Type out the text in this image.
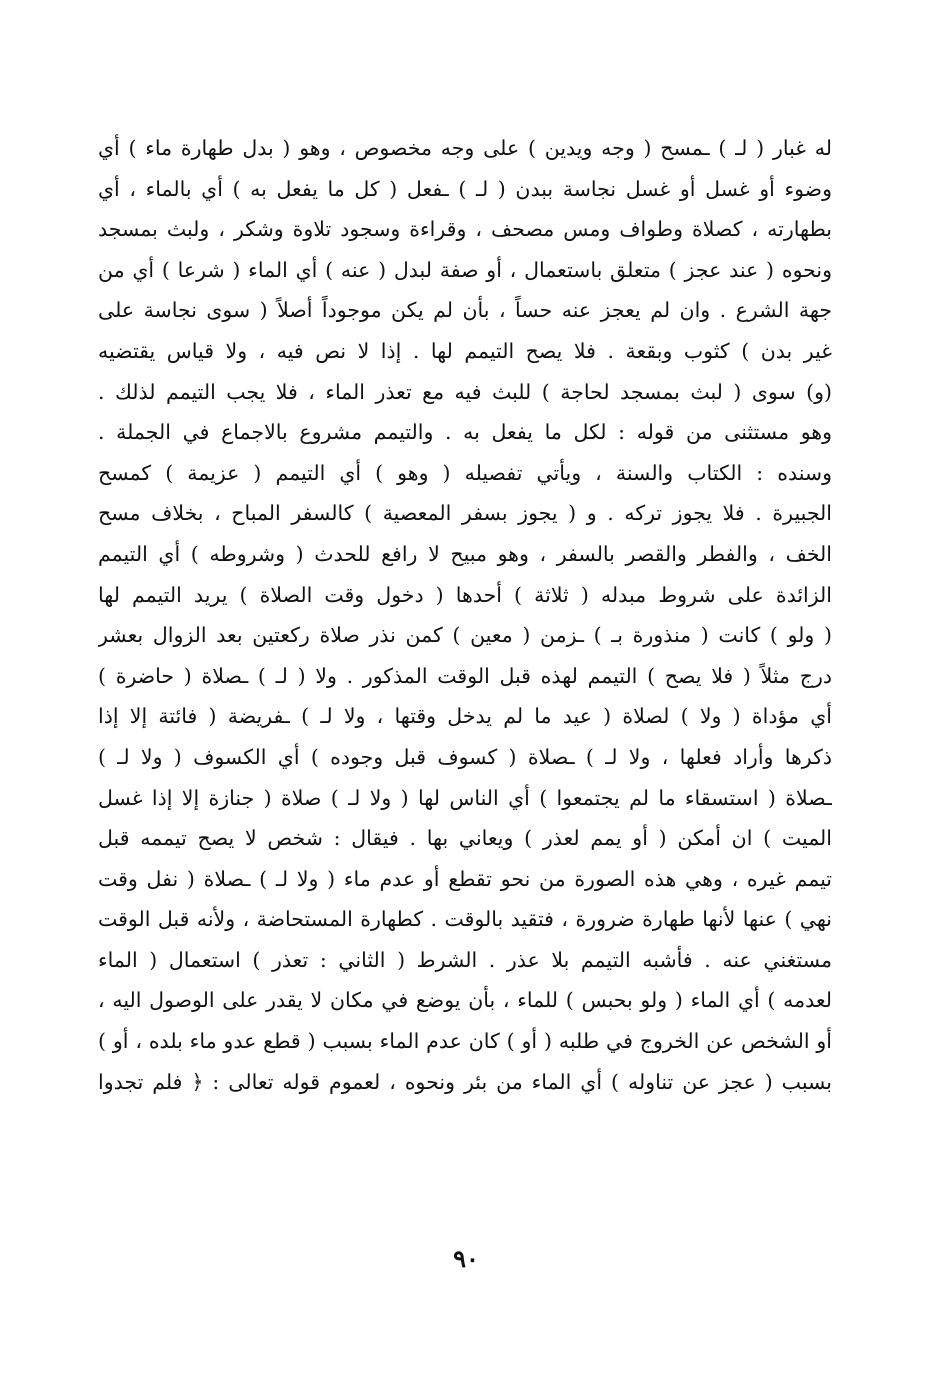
له غبار ( لـ ) ـمسح ( وجه ويدين ) على وجه مخصوص ، وهو ( بدل طهارة ماء ) أي
وضوء أو غسل أو غسل نجاسة ببدن ( لـ ) ـفعل ( كل ما يفعل به ) أي بالماء ، أي
بطهارته ، كصلاة وطواف ومس مصحف ، وقراءة وسجود تلاوة وشكر ، ولبث بمسجد
ونحوه ( عند عجز ) متعلق باستعمال ، أو صفة لبدل ( عنه ) أي الماء ( شرعا ) أي من
جهة الشرع . وان لم يعجز عنه حساً ، بأن لم يكن موجوداً أصلاً ( سوى نجاسة على
غير بدن ) كثوب وبقعة . فلا يصح التيمم لها . إذا لا نص فيه ، ولا قياس يقتضيه
(و) سوى ( لبث بمسجد لحاجة ) للبث فيه مع تعذر الماء ، فلا يجب التيمم لذلك .
وهو مستثنى من قوله : لكل ما يفعل به . والتيمم مشروع بالاجماع في الجملة .
وسنده : الكتاب والسنة ، ويأتي تفصيله ( وهو ) أي التيمم ( عزيمة ) كمسح
الجبيرة . فلا يجوز تركه . و ( يجوز بسفر المعصية ) كالسفر المباح ، بخلاف مسح
الخف ، والفطر والقصر بالسفر ، وهو مبيح لا رافع للحدث ( وشروطه ) أي التيمم
الزائدة على شروط مبدله ( ثلاثة ) أحدها ( دخول وقت الصلاة ) يريد التيمم لها
( ولو ) كانت ( منذورة بـ ) ـزمن ( معين ) كمن نذر صلاة ركعتين بعد الزوال بعشر
درج مثلاً ( فلا يصح ) التيمم لهذه قبل الوقت المذكور . ولا ( لـ ) ـصلاة ( حاضرة )
أي مؤداة ( ولا ) لصلاة ( عيد ما لم يدخل وقتها ، ولا لـ ) ـفريضة ( فائتة إلا إذا
ذكرها وأراد فعلها ، ولا لـ ) ـصلاة ( كسوف قبل وجوده ) أي الكسوف ( ولا لـ )
ـصلاة ( استسقاء ما لم يجتمعوا ) أي الناس لها ( ولا لـ ) صلاة ( جنازة إلا إذا غسل
الميت ) ان أمكن ( أو يمم لعذر ) ويعاني بها . فيقال : شخص لا يصح تيممه قبل
تيمم غيره ، وهي هذه الصورة من نحو تقطع أو عدم ماء ( ولا لـ ) ـصلاة ( نفل وقت
نهي ) عنها لأنها طهارة ضرورة ، فتقيد بالوقت . كطهارة المستحاضة ، ولأنه قبل الوقت
مستغني عنه . فأشبه التيمم بلا عذر . الشرط ( الثاني : تعذر ) استعمال ( الماء
لعدمه ) أي الماء ( ولو بحبس ) للماء ، بأن يوضع في مكان لا يقدر على الوصول اليه ،
أو الشخص عن الخروج في طلبه ( أو ) كان عدم الماء بسبب ( قطع عدو ماء بلده ، أو )
بسبب ( عجز عن تناوله ) أي الماء من بئر ونحوه ، لعموم قوله تعالى : ﴿ فلم تجدوا
٩٠
